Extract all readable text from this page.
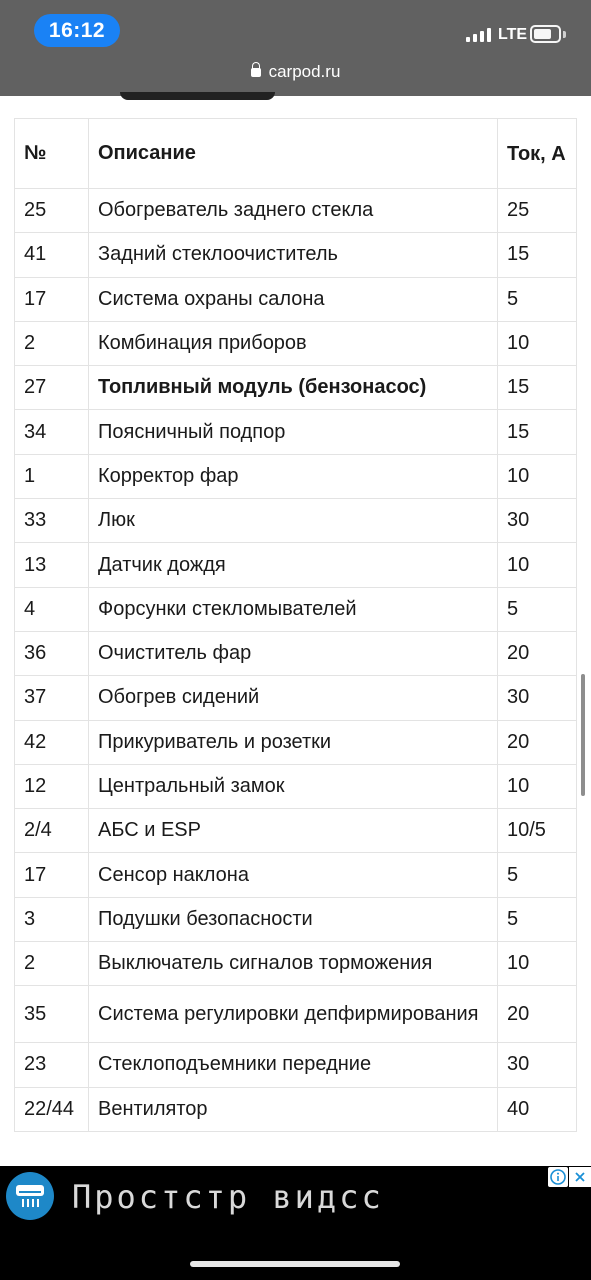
16:12	LTE
carpod.ru
№	Описание	Ток, А
25	Обогреватель заднего стекла	25
41	Задний стеклоочиститель	15
17	Система охраны салона	5
2	Комбинация приборов	10
27	Топливный модуль (бензонасос)	15
34	Поясничный подпор	15
1	Корректор фар	10
33	Люк	30
13	Датчик дождя	10
4	Форсунки стекломывателей	5
36	Очиститель фар	20
37	Обогрев сидений	30
42	Прикуриватель и розетки	20
12	Центральный замок	10
2/4	АБС и ESP	10/5
17	Сенсор наклона	5
3	Подушки безопасности	5
2	Выключатель сигналов торможения	10
35	Система регулировки депфирмирования	20
23	Стеклоподъемники передние	30
22/44	Вентилятор	40
Простстр видсс
